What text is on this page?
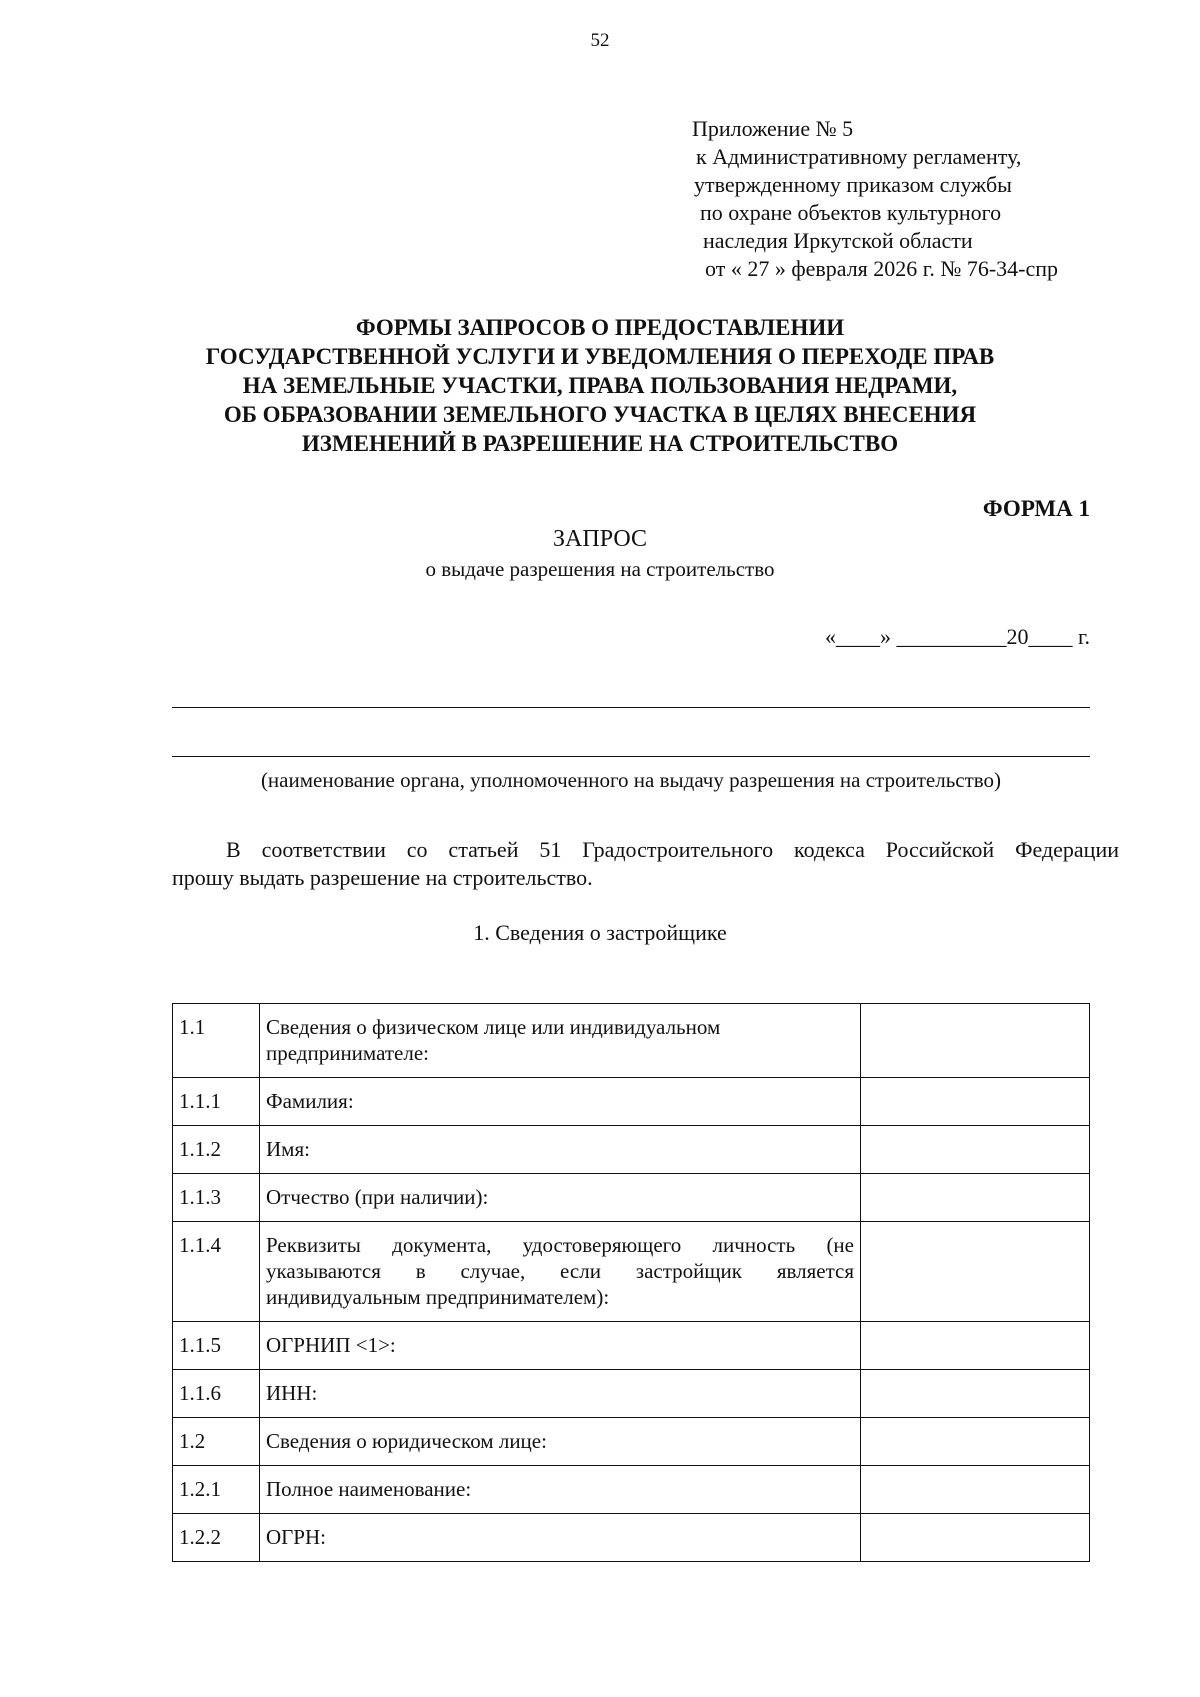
52
Приложение № 5
к Административному регламенту,
утвержденному приказом службы
по охране объектов культурного
наследия Иркутской области
от « 27 » февраля 2026 г. № 76-34-спр
ФОРМЫ ЗАПРОСОВ О ПРЕДОСТАВЛЕНИИ
ГОСУДАРСТВЕННОЙ УСЛУГИ И УВЕДОМЛЕНИЯ О ПЕРЕХОДЕ ПРАВ
НА ЗЕМЕЛЬНЫЕ УЧАСТКИ, ПРАВА ПОЛЬЗОВАНИЯ НЕДРАМИ,
ОБ ОБРАЗОВАНИИ ЗЕМЕЛЬНОГО УЧАСТКА В ЦЕЛЯХ ВНЕСЕНИЯ
ИЗМЕНЕНИЙ В РАЗРЕШЕНИЕ НА СТРОИТЕЛЬСТВО
ФОРМА 1
ЗАПРОС
о выдаче разрешения на строительство
«____» __________20____ г.
(наименование органа, уполномоченного на выдачу разрешения на строительство)
В соответствии со статьей 51 Градостроительного кодекса Российской Федерации
прошу выдать разрешение на строительство.
1. Сведения о застройщике
1.1	Сведения о физическом лице или индивидуальном предпринимателе:	
1.1.1	Фамилия:	
1.1.2	Имя:	
1.1.3	Отчество (при наличии):	
1.1.4	Реквизиты документа, удостоверяющего личность (не указываются в случае, если застройщик является индивидуальным предпринимателем):	
1.1.5	ОГРНИП <1>:	
1.1.6	ИНН:	
1.2	Сведения о юридическом лице:	
1.2.1	Полное наименование:	
1.2.2	ОГРН:	
